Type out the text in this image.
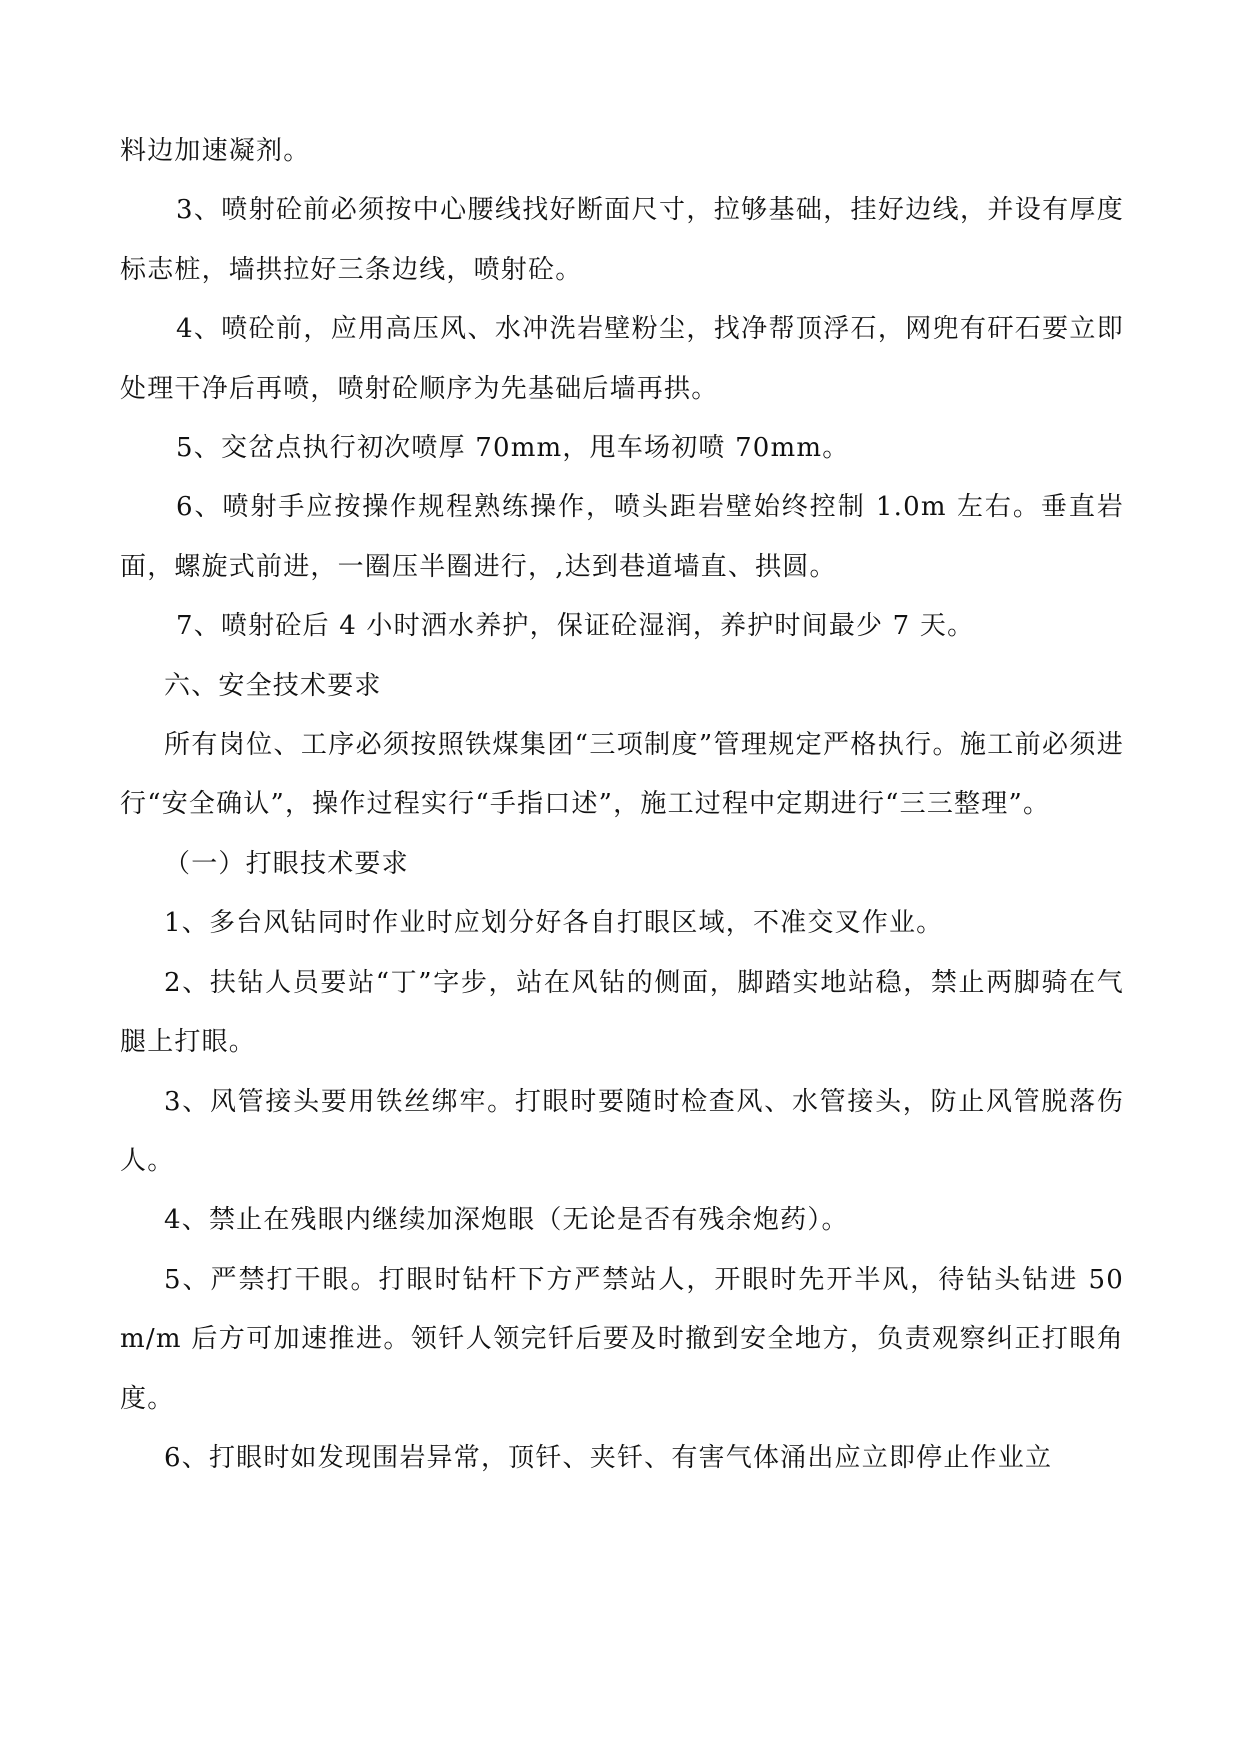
料边加速凝剂。

3、喷射砼前必须按中心腰线找好断面尺寸，拉够基础，挂好边线，并设有厚度标志桩，墙拱拉好三条边线，喷射砼。

4、喷砼前，应用高压风、水冲洗岩壁粉尘，找净帮顶浮石，网兜有矸石要立即处理干净后再喷，喷射砼顺序为先基础后墙再拱。

5、交岔点执行初次喷厚 70mm，甩车场初喷 70mm。

6、喷射手应按操作规程熟练操作，喷头距岩壁始终控制 1.0m 左右。垂直岩面，螺旋式前进，一圈压半圈进行，,达到巷道墙直、拱圆。

7、喷射砼后 4 小时洒水养护，保证砼湿润，养护时间最少 7 天。

六、安全技术要求

所有岗位、工序必须按照铁煤集团“三项制度”管理规定严格执行。施工前必须进行“安全确认”，操作过程实行“手指口述”，施工过程中定期进行“三三整理”。

（一）打眼技术要求

1、多台风钻同时作业时应划分好各自打眼区域，不准交叉作业。

2、扶钻人员要站“丁”字步，站在风钻的侧面，脚踏实地站稳，禁止两脚骑在气腿上打眼。

3、风管接头要用铁丝绑牢。打眼时要随时检查风、水管接头，防止风管脱落伤人。

4、禁止在残眼内继续加深炮眼（无论是否有残余炮药）。

5、严禁打干眼。打眼时钻杆下方严禁站人，开眼时先开半风，待钻头钻进 50m/m 后方可加速推进。领钎人领完钎后要及时撤到安全地方，负责观察纠正打眼角度。

6、打眼时如发现围岩异常，顶钎、夹钎、有害气体涌出应立即停止作业立
